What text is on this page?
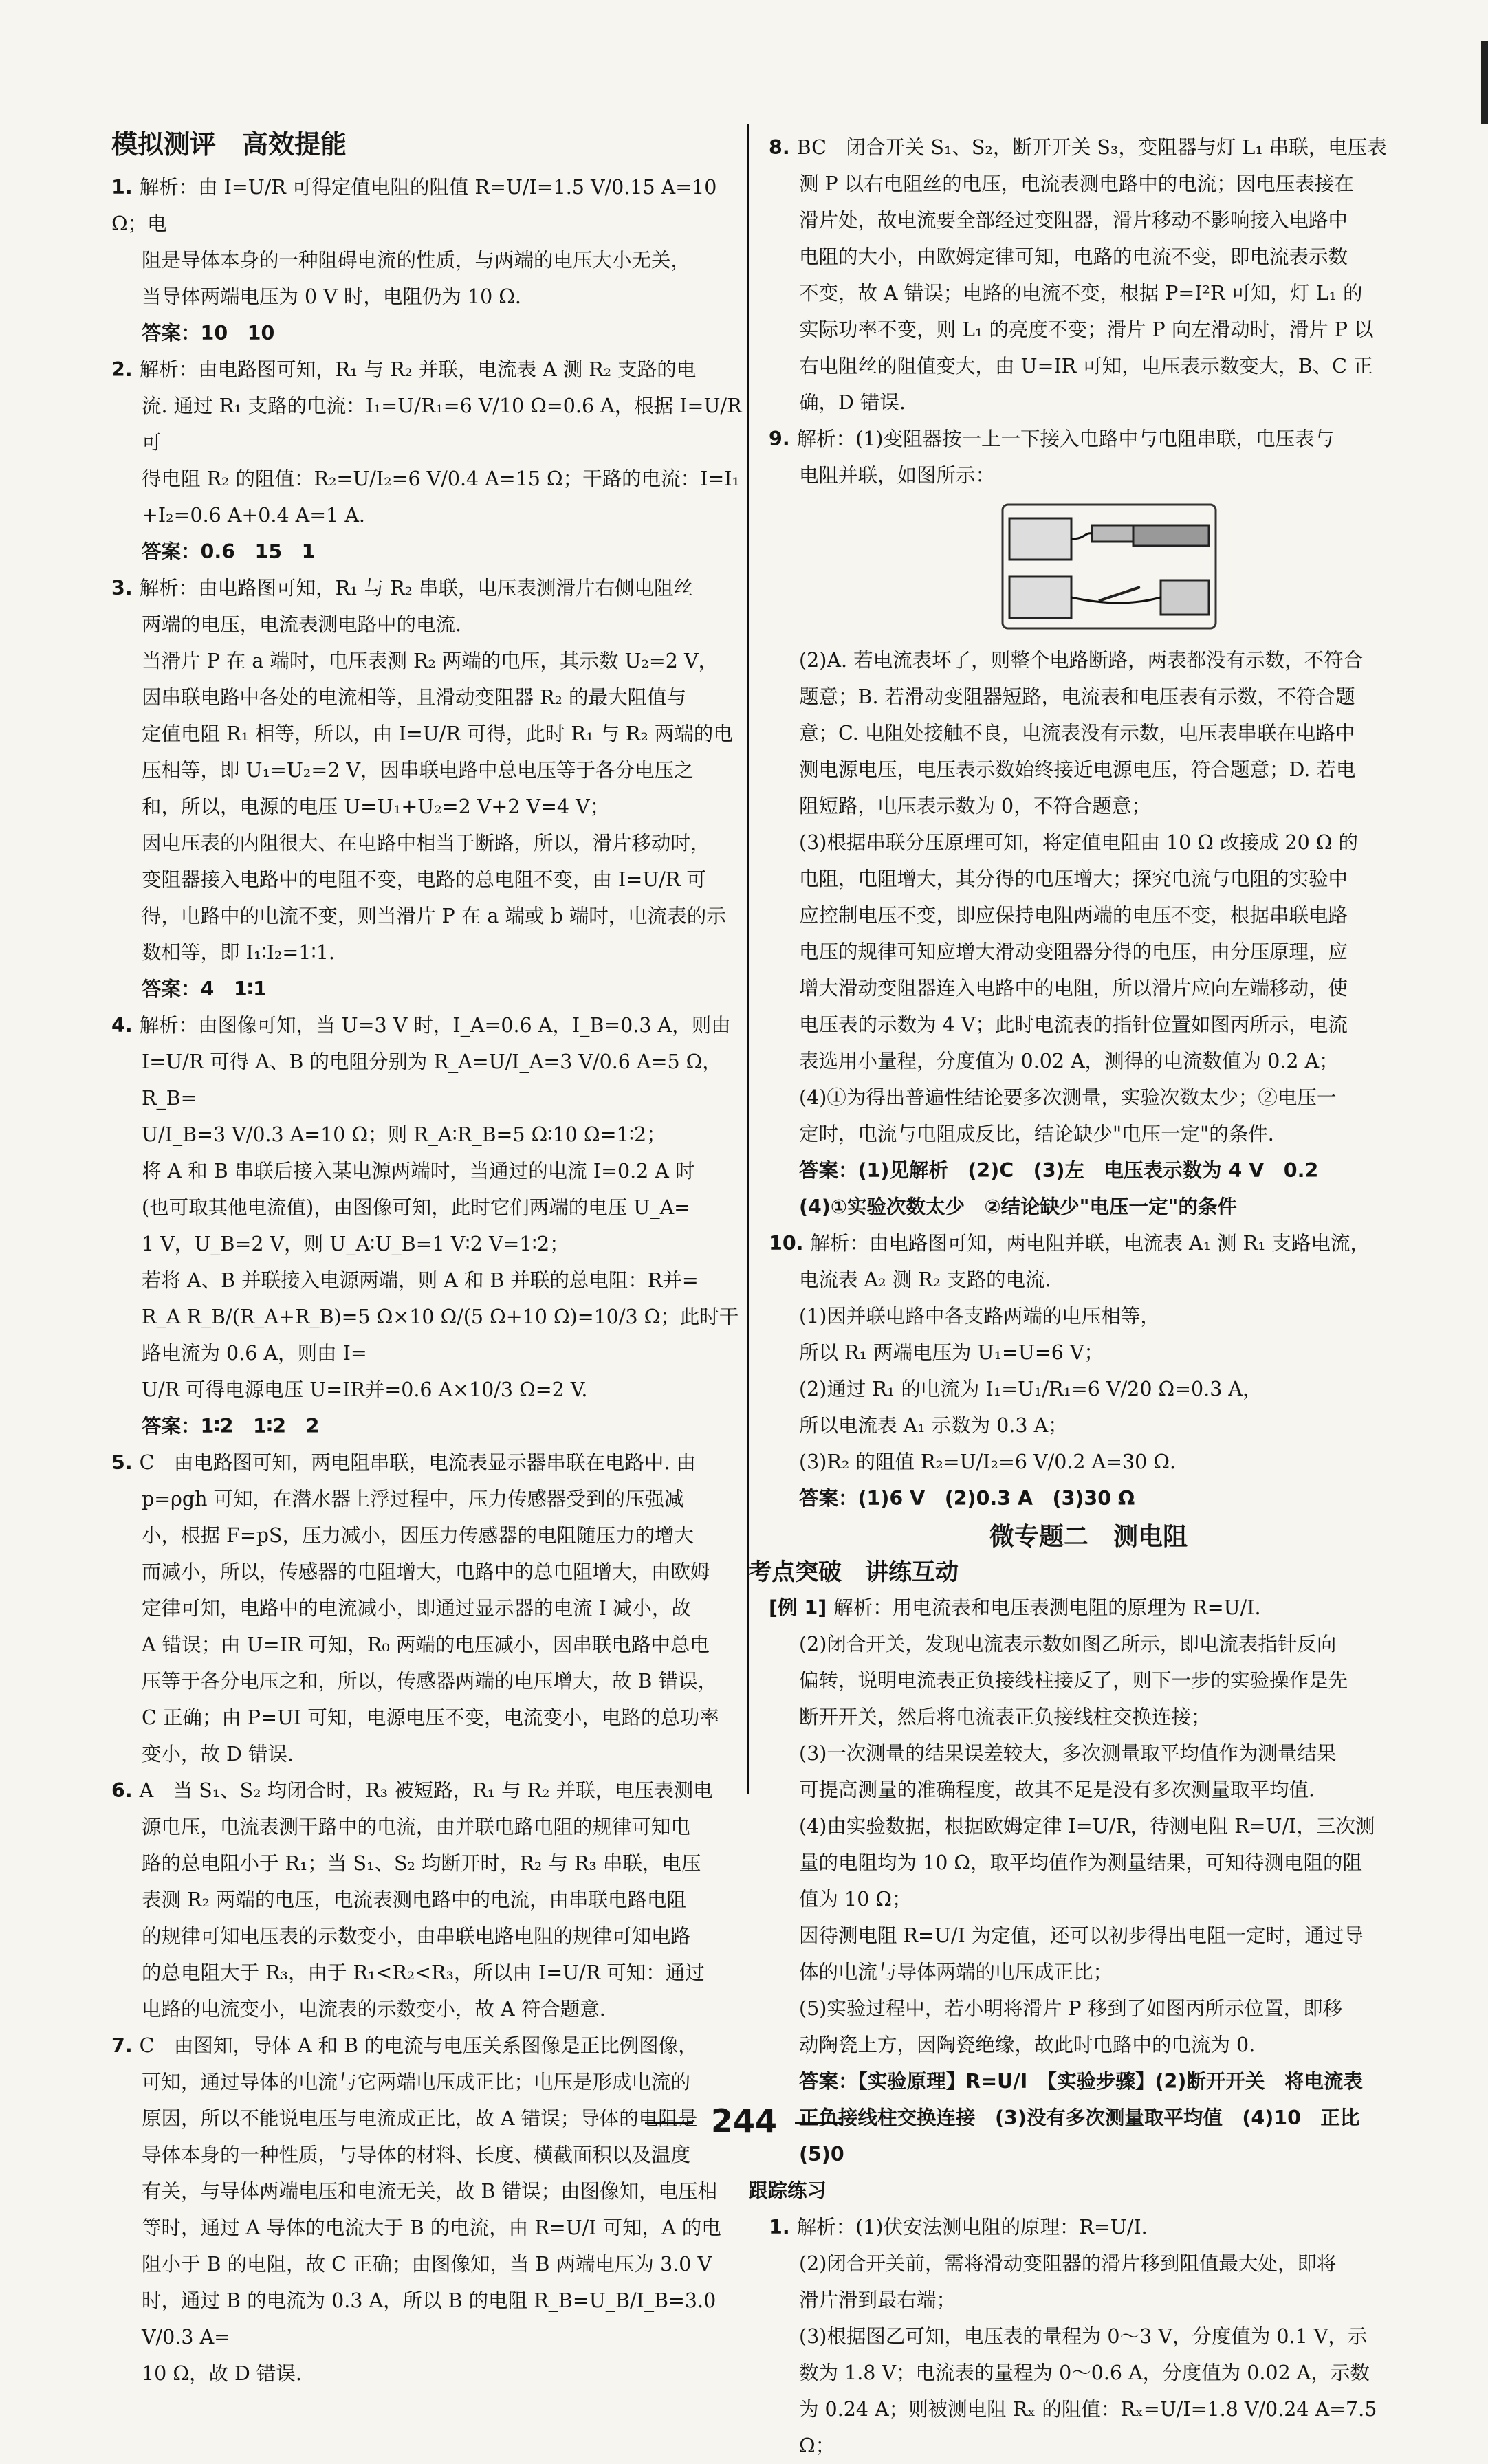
模拟测评　高效提能
1. 解析：由 I=U/R 可得定值电阻的阻值 R=U/I=1.5 V/0.15 A=10 Ω；电
阻是导体本身的一种阻碍电流的性质，与两端的电压大小无关，
当导体两端电压为 0 V 时，电阻仍为 10 Ω.
答案：10　10
2. 解析：由电路图可知，R₁ 与 R₂ 并联，电流表 A 测 R₂ 支路的电
流. 通过 R₁ 支路的电流：I₁=U/R₁=6 V/10 Ω=0.6 A，根据 I=U/R 可
得电阻 R₂ 的阻值：R₂=U/I₂=6 V/0.4 A=15 Ω；干路的电流：I=I₁
+I₂=0.6 A+0.4 A=1 A.
答案：0.6　15　1
3. 解析：由电路图可知，R₁ 与 R₂ 串联，电压表测滑片右侧电阻丝
两端的电压，电流表测电路中的电流.
当滑片 P 在 a 端时，电压表测 R₂ 两端的电压，其示数 U₂=2 V，
因串联电路中各处的电流相等，且滑动变阻器 R₂ 的最大阻值与
定值电阻 R₁ 相等，所以，由 I=U/R 可得，此时 R₁ 与 R₂ 两端的电
压相等，即 U₁=U₂=2 V，因串联电路中总电压等于各分电压之
和，所以，电源的电压 U=U₁+U₂=2 V+2 V=4 V；
因电压表的内阻很大、在电路中相当于断路，所以，滑片移动时，
变阻器接入电路中的电阻不变，电路的总电阻不变，由 I=U/R 可
得，电路中的电流不变，则当滑片 P 在 a 端或 b 端时，电流表的示
数相等，即 I₁∶I₂=1∶1.
答案：4　1∶1
4. 解析：由图像可知，当 U=3 V 时，I_A=0.6 A，I_B=0.3 A，则由
I=U/R 可得 A、B 的电阻分别为 R_A=U/I_A=3 V/0.6 A=5 Ω，R_B=
U/I_B=3 V/0.3 A=10 Ω；则 R_A∶R_B=5 Ω∶10 Ω=1∶2；
将 A 和 B 串联后接入某电源两端时，当通过的电流 I=0.2 A 时
(也可取其他电流值)，由图像可知，此时它们两端的电压 U_A=
1 V，U_B=2 V，则 U_A∶U_B=1 V∶2 V=1∶2；
若将 A、B 并联接入电源两端，则 A 和 B 并联的总电阻：R并=
R_A R_B/(R_A+R_B)=5 Ω×10 Ω/(5 Ω+10 Ω)=10/3 Ω；此时干路电流为 0.6 A，则由 I=
U/R 可得电源电压 U=IR并=0.6 A×10/3 Ω=2 V.
答案：1∶2　1∶2　2
5. C　由电路图可知，两电阻串联，电流表显示器串联在电路中. 由
p=ρgh 可知，在潜水器上浮过程中，压力传感器受到的压强减
小，根据 F=pS，压力减小，因压力传感器的电阻随压力的增大
而减小，所以，传感器的电阻增大，电路中的总电阻增大，由欧姆
定律可知，电路中的电流减小，即通过显示器的电流 I 减小，故
A 错误；由 U=IR 可知，R₀ 两端的电压减小，因串联电路中总电
压等于各分电压之和，所以，传感器两端的电压增大，故 B 错误，
C 正确；由 P=UI 可知，电源电压不变，电流变小，电路的总功率
变小，故 D 错误.
6. A　当 S₁、S₂ 均闭合时，R₃ 被短路，R₁ 与 R₂ 并联，电压表测电
源电压，电流表测干路中的电流，由并联电路电阻的规律可知电
路的总电阻小于 R₁；当 S₁、S₂ 均断开时，R₂ 与 R₃ 串联，电压
表测 R₂ 两端的电压，电流表测电路中的电流，由串联电路电阻
的规律可知电压表的示数变小，由串联电路电阻的规律可知电路
的总电阻大于 R₃，由于 R₁<R₂<R₃，所以由 I=U/R 可知：通过
电路的电流变小，电流表的示数变小，故 A 符合题意.
7. C　由图知，导体 A 和 B 的电流与电压关系图像是正比例图像，
可知，通过导体的电流与它两端电压成正比；电压是形成电流的
原因，所以不能说电压与电流成正比，故 A 错误；导体的电阻是
导体本身的一种性质，与导体的材料、长度、横截面积以及温度
有关，与导体两端电压和电流无关，故 B 错误；由图像知，电压相
等时，通过 A 导体的电流大于 B 的电流，由 R=U/I 可知，A 的电
阻小于 B 的电阻，故 C 正确；由图像知，当 B 两端电压为 3.0 V
时，通过 B 的电流为 0.3 A，所以 B 的电阻 R_B=U_B/I_B=3.0 V/0.3 A=
10 Ω，故 D 错误.
8. BC　闭合开关 S₁、S₂，断开开关 S₃，变阻器与灯 L₁ 串联，电压表
测 P 以右电阻丝的电压，电流表测电路中的电流；因电压表接在
滑片处，故电流要全部经过变阻器，滑片移动不影响接入电路中
电阻的大小，由欧姆定律可知，电路的电流不变，即电流表示数
不变，故 A 错误；电路的电流不变，根据 P=I²R 可知，灯 L₁ 的
实际功率不变，则 L₁ 的亮度不变；滑片 P 向左滑动时，滑片 P 以
右电阻丝的阻值变大，由 U=IR 可知，电压表示数变大，B、C 正
确，D 错误.
9. 解析：(1)变阻器按一上一下接入电路中与电阻串联，电压表与
电阻并联，如图所示：
(2)A. 若电流表坏了，则整个电路断路，两表都没有示数，不符合
题意；B. 若滑动变阻器短路，电流表和电压表有示数，不符合题
意；C. 电阻处接触不良，电流表没有示数，电压表串联在电路中
测电源电压，电压表示数始终接近电源电压，符合题意；D. 若电
阻短路，电压表示数为 0，不符合题意；
(3)根据串联分压原理可知，将定值电阻由 10 Ω 改接成 20 Ω 的
电阻，电阻增大，其分得的电压增大；探究电流与电阻的实验中
应控制电压不变，即应保持电阻两端的电压不变，根据串联电路
电压的规律可知应增大滑动变阻器分得的电压，由分压原理，应
增大滑动变阻器连入电路中的电阻，所以滑片应向左端移动，使
电压表的示数为 4 V；此时电流表的指针位置如图丙所示，电流
表选用小量程，分度值为 0.02 A，测得的电流数值为 0.2 A；
(4)①为得出普遍性结论要多次测量，实验次数太少；②电压一
定时，电流与电阻成反比，结论缺少"电压一定"的条件.
答案：(1)见解析　(2)C　(3)左　电压表示数为 4 V　0.2
(4)①实验次数太少　②结论缺少"电压一定"的条件
10. 解析：由电路图可知，两电阻并联，电流表 A₁ 测 R₁ 支路电流，
电流表 A₂ 测 R₂ 支路的电流.
(1)因并联电路中各支路两端的电压相等，
所以 R₁ 两端电压为 U₁=U=6 V；
(2)通过 R₁ 的电流为 I₁=U₁/R₁=6 V/20 Ω=0.3 A，
所以电流表 A₁ 示数为 0.3 A；
(3)R₂ 的阻值 R₂=U/I₂=6 V/0.2 A=30 Ω.
答案：(1)6 V　(2)0.3 A　(3)30 Ω
微专题二　测电阻
考点突破　讲练互动
[例 1] 解析：用电流表和电压表测电阻的原理为 R=U/I.
(2)闭合开关，发现电流表示数如图乙所示，即电流表指针反向
偏转，说明电流表正负接线柱接反了，则下一步的实验操作是先
断开开关，然后将电流表正负接线柱交换连接；
(3)一次测量的结果误差较大，多次测量取平均值作为测量结果
可提高测量的准确程度，故其不足是没有多次测量取平均值.
(4)由实验数据，根据欧姆定律 I=U/R，待测电阻 R=U/I，三次测
量的电阻均为 10 Ω，取平均值作为测量结果，可知待测电阻的阻
值为 10 Ω；
因待测电阻 R=U/I 为定值，还可以初步得出电阻一定时，通过导
体的电流与导体两端的电压成正比；
(5)实验过程中，若小明将滑片 P 移到了如图丙所示位置，即移
动陶瓷上方，因陶瓷绝缘，故此时电路中的电流为 0.
答案：【实验原理】R=U/I　【实验步骤】(2)断开开关　将电流表
正负接线柱交换连接　(3)没有多次测量取平均值　(4)10　正比
(5)0
跟踪练习
1. 解析：(1)伏安法测电阻的原理：R=U/I.
(2)闭合开关前，需将滑动变阻器的滑片移到阻值最大处，即将
滑片滑到最右端；
(3)根据图乙可知，电压表的量程为 0～3 V，分度值为 0.1 V，示
数为 1.8 V；电流表的量程为 0～0.6 A，分度值为 0.02 A，示数
为 0.24 A；则被测电阻 Rₓ 的阻值：Rₓ=U/I=1.8 V/0.24 A=7.5 Ω；
244
